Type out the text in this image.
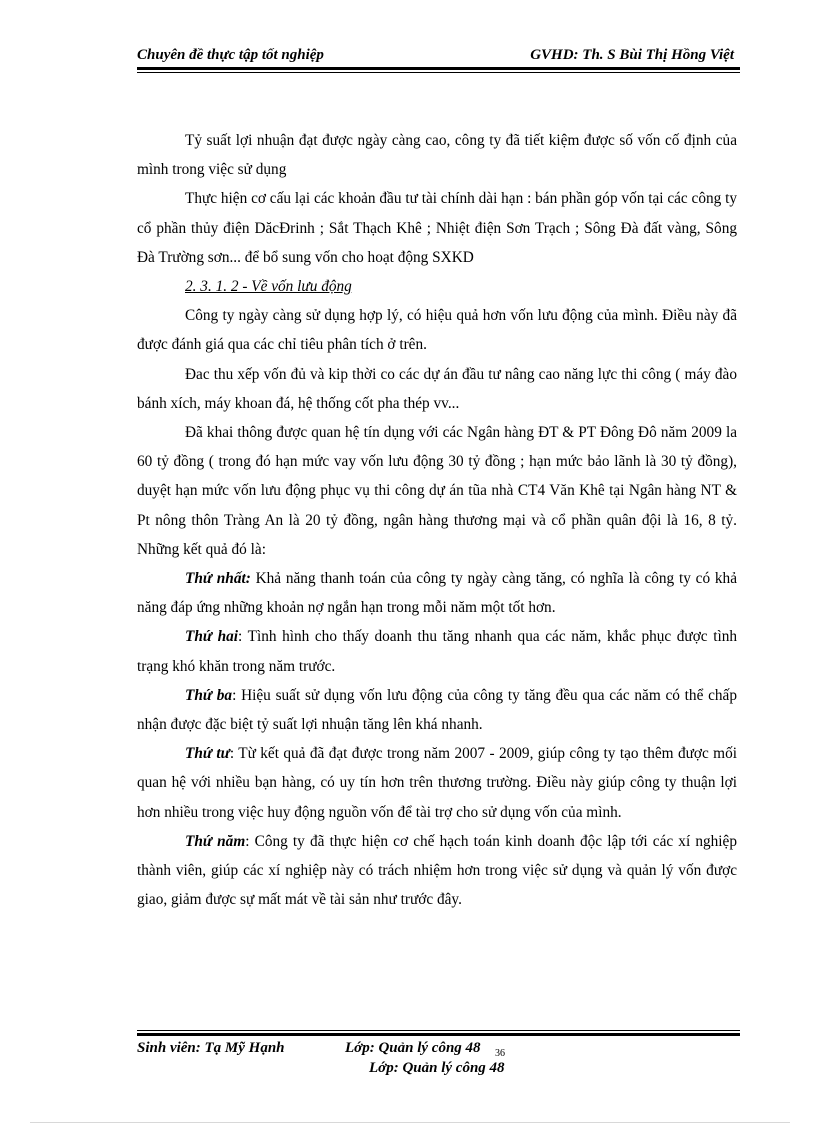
Chuyên đề thực tập tốt nghiệp	GVHD: Th. S Bùi Thị Hồng Việt

Tỷ suất lợi nhuận đạt được ngày càng cao, công ty đã tiết kiệm được số vốn cố định của mình trong việc sử dụng

Thực hiện cơ cấu lại các khoản đầu tư tài chính dài hạn : bán phần góp vốn tại các công ty cổ phần thủy điện DăcĐrinh ; Sắt Thạch Khê ; Nhiệt điện Sơn Trạch ; Sông Đà đất vàng, Sông Đà Trường sơn... để bổ sung vốn cho hoạt động SXKD

2. 3. 1. 2 - Về vốn lưu động

Công ty ngày càng sử dụng hợp lý, có hiệu quả hơn vốn lưu động của mình. Điều này đã được đánh giá qua các chỉ tiêu phân tích ở trên.

Đac thu xếp vốn đủ và kip thời co các dự án đầu tư nâng cao năng lực thi công ( máy đào bánh xích, máy khoan đá, hệ thống cốt pha thép vv...

Đã khai thông được quan hệ tín dụng với các Ngân hàng ĐT & PT Đông Đô năm 2009 la 60 tỷ đồng ( trong đó hạn mức vay vốn lưu động 30 tỷ đồng ; hạn mức bảo lãnh là 30 tỷ đồng), duyệt hạn mức vốn lưu động phục vụ thi công dự án tũa nhà CT4 Văn Khê tại Ngân hàng NT & Pt nông thôn Tràng An là 20 tỷ đồng, ngân hàng thương mại và cổ phần quân đội là 16, 8 tỷ. Những kết quả đó là:

Thứ nhất: Khả năng thanh toán của công ty ngày càng tăng, có nghĩa là công ty có khả năng đáp ứng những khoản nợ ngắn hạn trong mỗi năm một tốt hơn.

Thứ hai: Tình hình cho thấy doanh thu tăng nhanh qua các năm, khắc phục được tình trạng khó khăn trong năm trước.

Thứ ba: Hiệu suất sử dụng vốn lưu động của công ty tăng đều qua các năm có thể chấp nhận được đặc biệt tỷ suất lợi nhuận tăng lên khá nhanh.

Thứ tư: Từ kết quả đã đạt được trong năm 2007 - 2009, giúp công ty tạo thêm được mối quan hệ với nhiều bạn hàng, có uy tín hơn trên thương trường. Điều này giúp công ty thuận lợi hơn nhiều trong việc huy động nguồn vốn để tài trợ cho sử dụng vốn của mình.

Thứ năm: Công ty đã thực hiện cơ chế hạch toán kinh doanh độc lập tới các xí nghiệp thành viên, giúp các xí nghiệp này có trách nhiệm hơn trong việc sử dụng và quản lý vốn được giao, giảm được sự mất mát về tài sản như trước đây.

Sinh viên: Tạ Mỹ Hạnh	Lớp: Quản lý công 48 36
Lớp: Quản lý công 48
